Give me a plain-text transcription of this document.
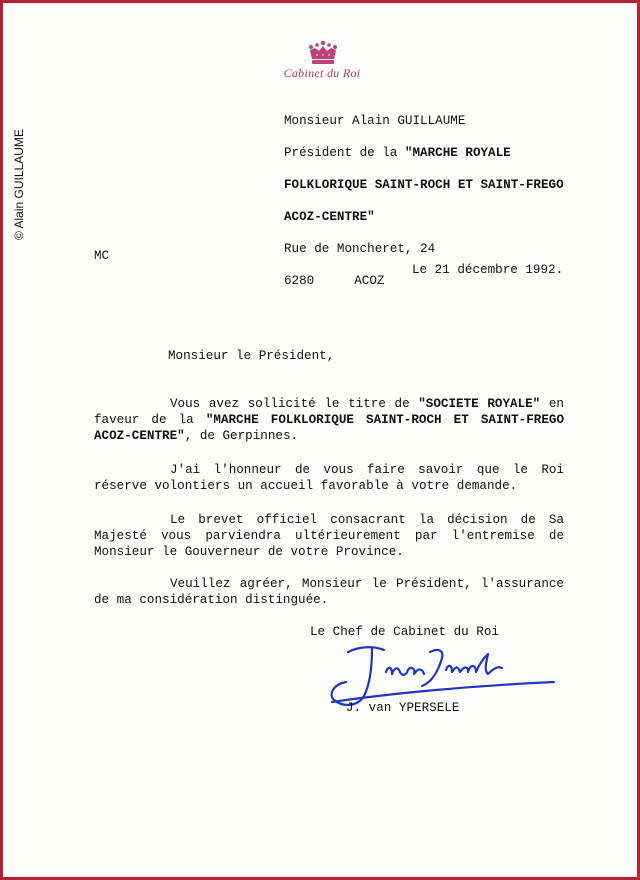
© Alain GUILLAUME
Cabinet du Roi

Monsieur Alain GUILLAUME

Président de la "MARCHE ROYALE

FOLKLORIQUE SAINT-ROCH ET SAINT-FREGO

ACOZ-CENTRE"

Rue de Moncheret, 24

6280	ACOZ

MC
Le 21 décembre 1992.
Monsieur le Président,
Vous avez sollicité le titre de "SOCIETE ROYALE" en faveur de la "MARCHE FOLKLORIQUE SAINT-ROCH ET SAINT-FREGO ACOZ-CENTRE", de Gerpinnes.
J'ai l'honneur de vous faire savoir que le Roi réserve volontiers un accueil favorable à votre demande.
Le brevet officiel consacrant la décision de Sa Majesté vous parviendra ultérieurement par l'entremise de Monsieur le Gouverneur de votre Province.
Veuillez agréer, Monsieur le Président, l'assurance de ma considération distinguée.
Le Chef de Cabinet du Roi
J. van YPERSELE
